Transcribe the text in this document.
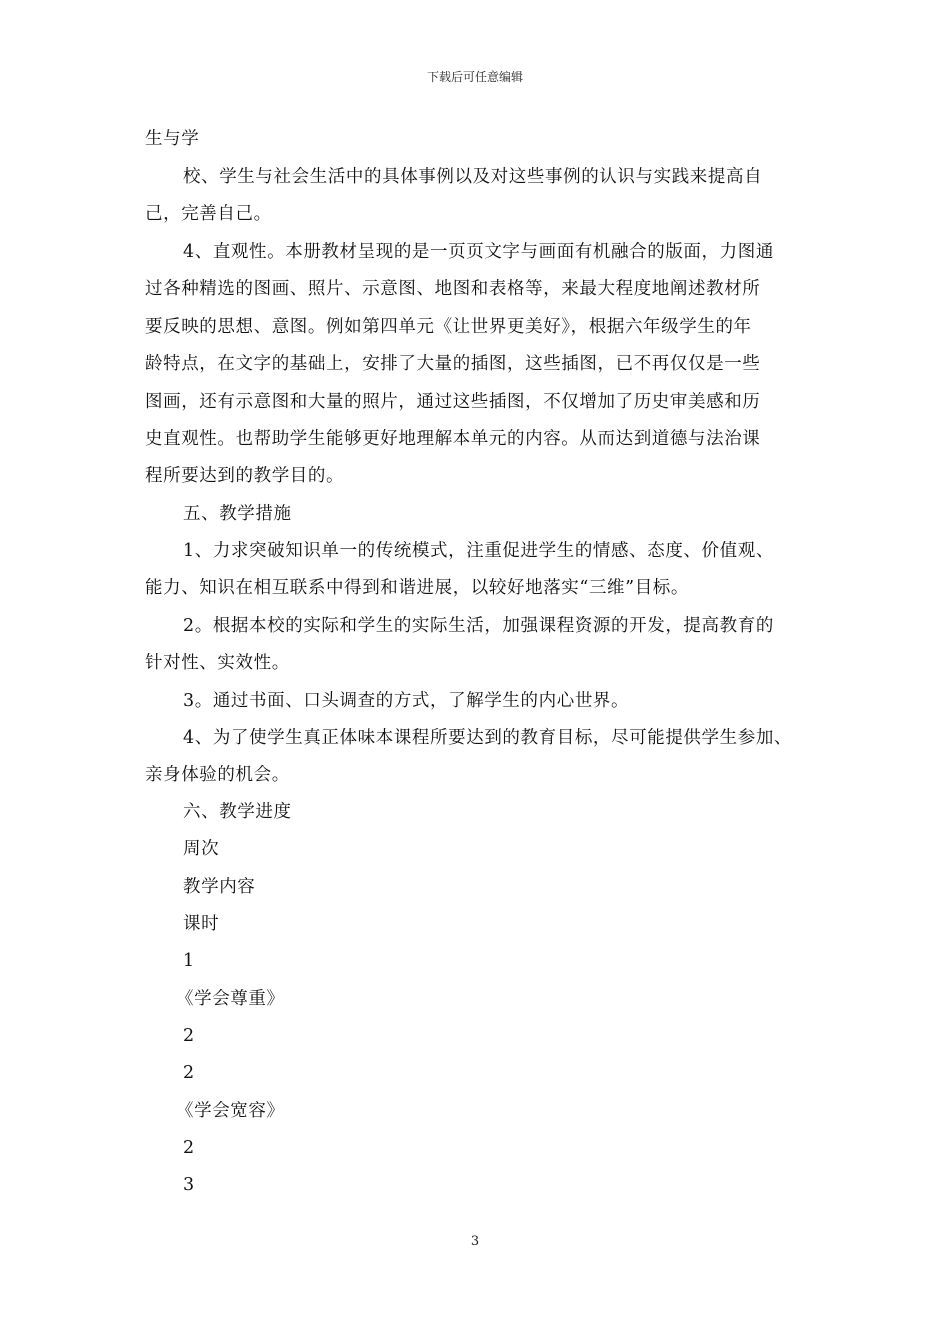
下载后可任意编辑
生与学
校、学生与社会生活中的具体事例以及对这些事例的认识与实践来提高自
己，完善自己。
4、直观性。本册教材呈现的是一页页文字与画面有机融合的版面，力图通
过各种精选的图画、照片、示意图、地图和表格等，来最大程度地阐述教材所
要反映的思想、意图。例如第四单元《让世界更美好》，根据六年级学生的年
龄特点，在文字的基础上，安排了大量的插图，这些插图，已不再仅仅是一些
图画，还有示意图和大量的照片，通过这些插图，不仅增加了历史审美感和历
史直观性。也帮助学生能够更好地理解本单元的内容。从而达到道德与法治课
程所要达到的教学目的。
五、教学措施
1、力求突破知识单一的传统模式，注重促进学生的情感、态度、价值观、
能力、知识在相互联系中得到和谐进展，以较好地落实“三维”目标。
2。根据本校的实际和学生的实际生活，加强课程资源的开发，提高教育的
针对性、实效性。
3。通过书面、口头调查的方式，了解学生的内心世界。
4、为了使学生真正体味本课程所要达到的教育目标，尽可能提供学生参加、
亲身体验的机会。
六、教学进度
周次
教学内容
课时
1
《学会尊重》
2
2
《学会宽容》
2
3
3
